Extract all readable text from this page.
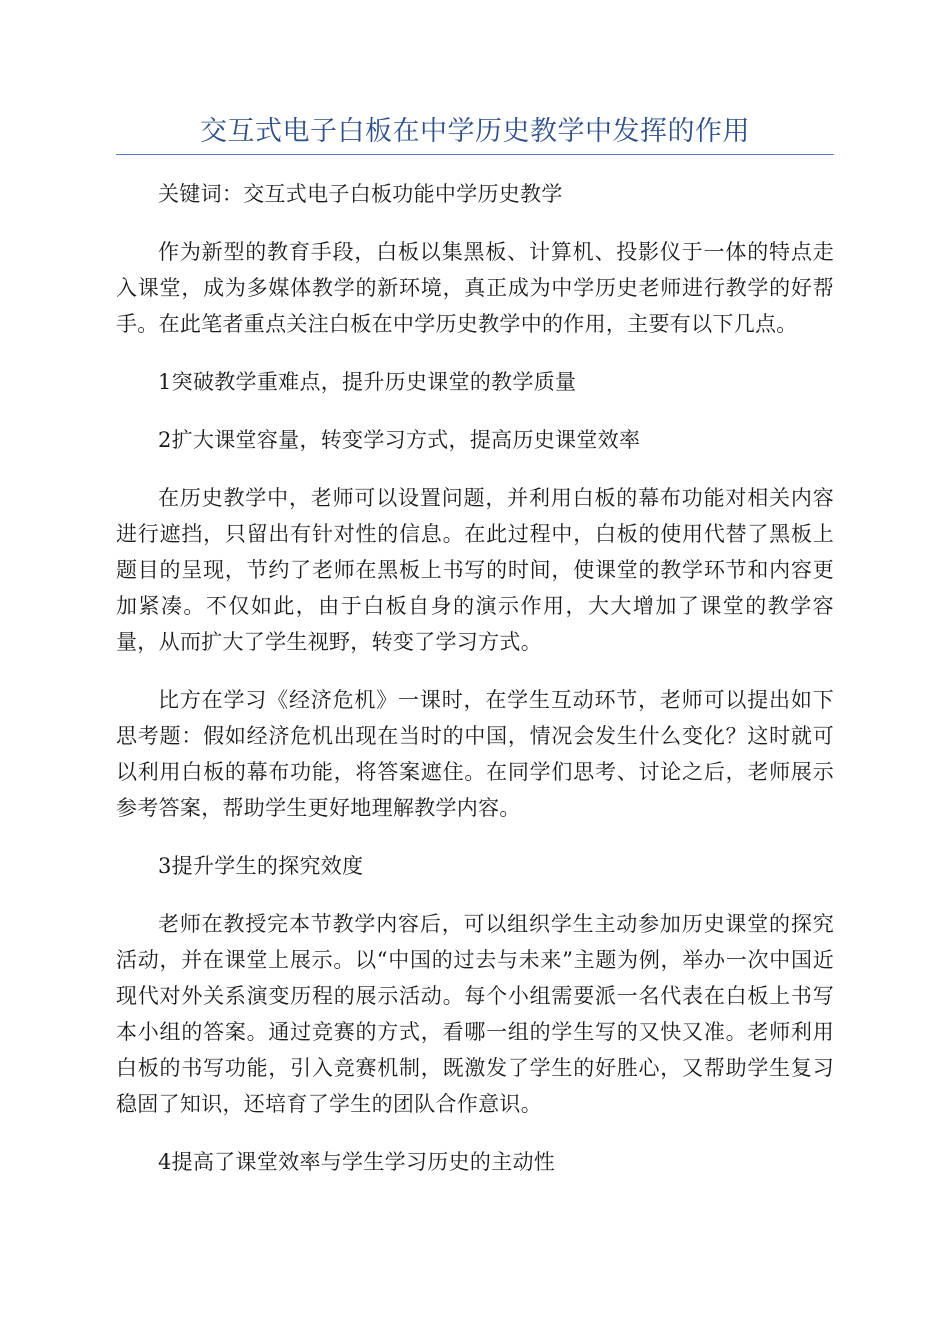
交互式电子白板在中学历史教学中发挥的作用

关键词：交互式电子白板功能中学历史教学

作为新型的教育手段，白板以集黑板、计算机、投影仪于一体的特点走入课堂，成为多媒体教学的新环境，真正成为中学历史老师进行教学的好帮手。在此笔者重点关注白板在中学历史教学中的作用，主要有以下几点。

1突破教学重难点，提升历史课堂的教学质量

2扩大课堂容量，转变学习方式，提高历史课堂效率

在历史教学中，老师可以设置问题，并利用白板的幕布功能对相关内容进行遮挡，只留出有针对性的信息。在此过程中，白板的使用代替了黑板上题目的呈现，节约了老师在黑板上书写的时间，使课堂的教学环节和内容更加紧凑。不仅如此，由于白板自身的演示作用，大大增加了课堂的教学容量，从而扩大了学生视野，转变了学习方式。

比方在学习《经济危机》一课时，在学生互动环节，老师可以提出如下思考题：假如经济危机出现在当时的中国，情况会发生什么变化？这时就可以利用白板的幕布功能，将答案遮住。在同学们思考、讨论之后，老师展示参考答案，帮助学生更好地理解教学内容。

3提升学生的探究效度

老师在教授完本节教学内容后，可以组织学生主动参加历史课堂的探究活动，并在课堂上展示。以“中国的过去与未来”主题为例，举办一次中国近现代对外关系演变历程的展示活动。每个小组需要派一名代表在白板上书写本小组的答案。通过竞赛的方式，看哪一组的学生写的又快又准。老师利用白板的书写功能，引入竞赛机制，既激发了学生的好胜心，又帮助学生复习稳固了知识，还培育了学生的团队合作意识。

4提高了课堂效率与学生学习历史的主动性
